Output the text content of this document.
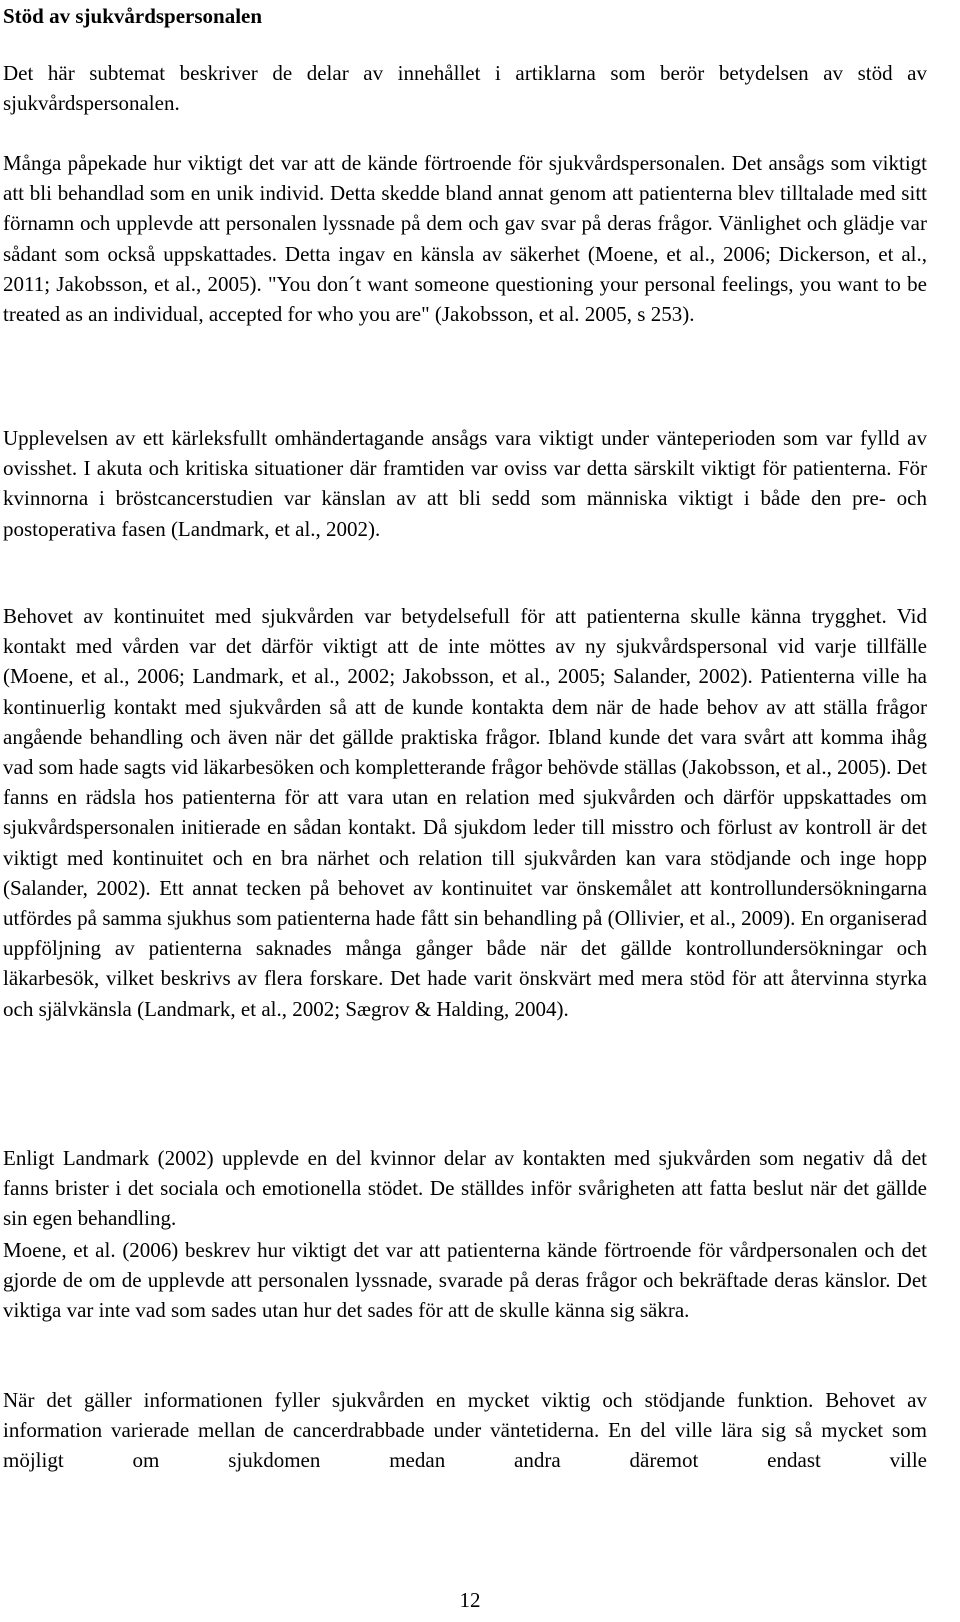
Stöd av sjukvårdspersonalen

Det här subtemat beskriver de delar av innehållet i artiklarna som berör betydelsen av stöd av sjukvårdspersonalen.

Många påpekade hur viktigt det var att de kände förtroende för sjukvårdspersonalen. Det ansågs som viktigt att bli behandlad som en unik individ. Detta skedde bland annat genom att patienterna blev tilltalade med sitt förnamn och upplevde att personalen lyssnade på dem och gav svar på deras frågor. Vänlighet och glädje var sådant som också uppskattades. Detta ingav en känsla av säkerhet (Moene, et al., 2006; Dickerson, et al., 2011; Jakobsson, et al., 2005). "You don´t want someone questioning your personal feelings, you want to be treated as an individual, accepted for who you are" (Jakobsson, et al. 2005, s 253).

Upplevelsen av ett kärleksfullt omhändertagande ansågs vara viktigt under vänteperioden som var fylld av ovisshet. I akuta och kritiska situationer där framtiden var oviss var detta särskilt viktigt för patienterna. För kvinnorna i bröstcancerstudien var känslan av att bli sedd som människa viktigt i både den pre- och postoperativa fasen (Landmark, et al., 2002).

Behovet av kontinuitet med sjukvården var betydelsefull för att patienterna skulle känna trygghet. Vid kontakt med vården var det därför viktigt att de inte möttes av ny sjukvårdspersonal vid varje tillfälle (Moene, et al., 2006; Landmark, et al., 2002; Jakobsson, et al., 2005; Salander, 2002). Patienterna ville ha kontinuerlig kontakt med sjukvården så att de kunde kontakta dem när de hade behov av att ställa frågor angående behandling och även när det gällde praktiska frågor. Ibland kunde det vara svårt att komma ihåg vad som hade sagts vid läkarbesöken och kompletterande frågor behövde ställas (Jakobsson, et al., 2005). Det fanns en rädsla hos patienterna för att vara utan en relation med sjukvården och därför uppskattades om sjukvårdspersonalen initierade en sådan kontakt. Då sjukdom leder till misstro och förlust av kontroll är det viktigt med kontinuitet och en bra närhet och relation till sjukvården kan vara stödjande och inge hopp (Salander, 2002). Ett annat tecken på behovet av kontinuitet var önskemålet att kontrollundersökningarna utfördes på samma sjukhus som patienterna hade fått sin behandling på (Ollivier, et al., 2009). En organiserad uppföljning av patienterna saknades många gånger både när det gällde kontrollundersökningar och läkarbesök, vilket beskrivs av flera forskare. Det hade varit önskvärt med mera stöd för att återvinna styrka och självkänsla (Landmark, et al., 2002; Sægrov & Halding, 2004).

Enligt Landmark (2002) upplevde en del kvinnor delar av kontakten med sjukvården som negativ då det fanns brister i det sociala och emotionella stödet. De ställdes inför svårigheten att fatta beslut när det gällde sin egen behandling.

Moene, et al. (2006) beskrev hur viktigt det var att patienterna kände förtroende för vårdpersonalen och det gjorde de om de upplevde att personalen lyssnade, svarade på deras frågor och bekräftade deras känslor. Det viktiga var inte vad som sades utan hur det sades för att de skulle känna sig säkra.

När det gäller informationen fyller sjukvården en mycket viktig och stödjande funktion. Behovet av information varierade mellan de cancerdrabbade under väntetiderna. En del ville lära sig så mycket som möjligt om sjukdomen medan andra däremot endast ville

12
